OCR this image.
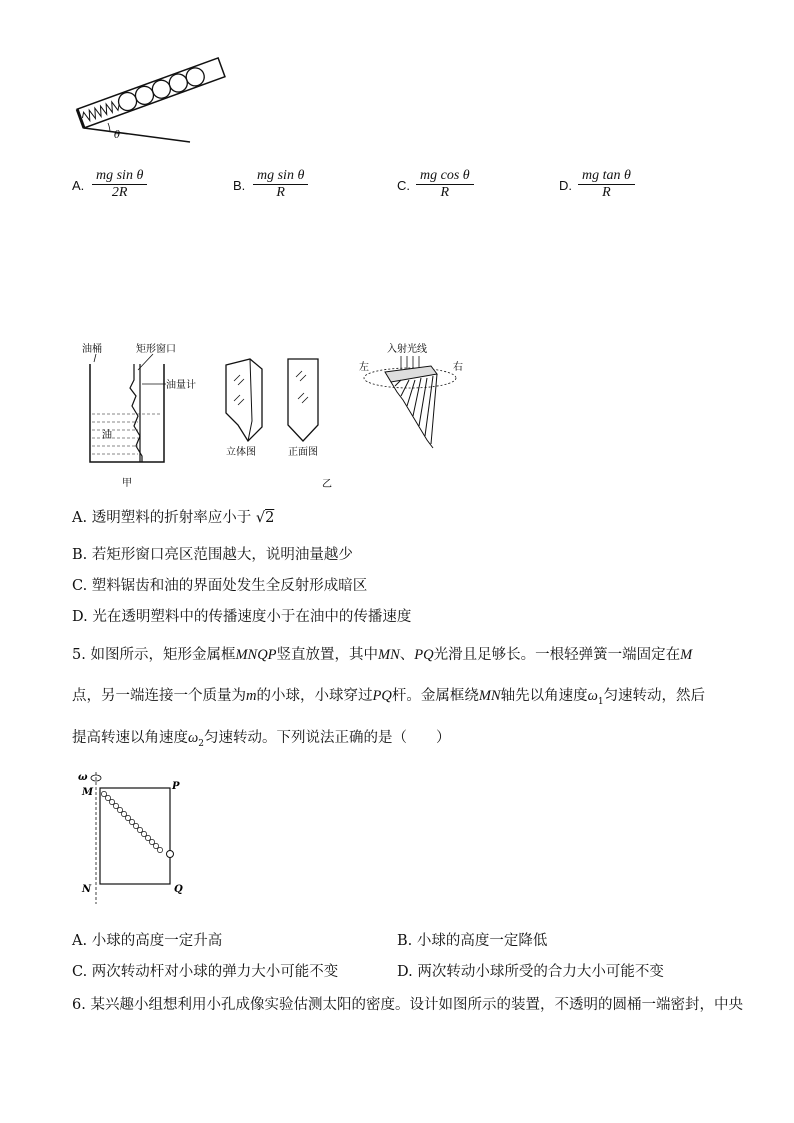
θ
A. $\frac{\text{mg sin θ}}{2R}$	B. $\frac{\text{mg sin θ}}{R}$	C. $\frac{\text{mg cos θ}}{R}$	D. $\frac{\text{mg tan θ}}{R}$
油桶	矩形窗口
油量计
油
甲
立体图	正面图
乙
入射光线
左	右
A. 透明塑料的折射率应小于 √2
B. 若矩形窗口亮区范围越大，说明油量越少
C. 塑料锯齿和油的界面处发生全反射形成暗区
D. 光在透明塑料中的传播速度小于在油中的传播速度
5. 如图所示，矩形金属框MNQP竖直放置，其中MN、PQ光滑且足够长。一根轻弹簧一端固定在M
点，另一端连接一个质量为m的小球，小球穿过PQ杆。金属框绕MN轴先以角速度$\omega_1$匀速转动，然后
提高转速以角速度$\omega_2$匀速转动。下列说法正确的是（　　）
ω
M
P
N	Q
A. 小球的高度一定升高	B. 小球的高度一定降低
C. 两次转动杆对小球的弹力大小可能不变	D. 两次转动小球所受的合力大小可能不变
6. 某兴趣小组想利用小孔成像实验估测太阳的密度。设计如图所示的装置，不透明的圆桶一端密封，中央
